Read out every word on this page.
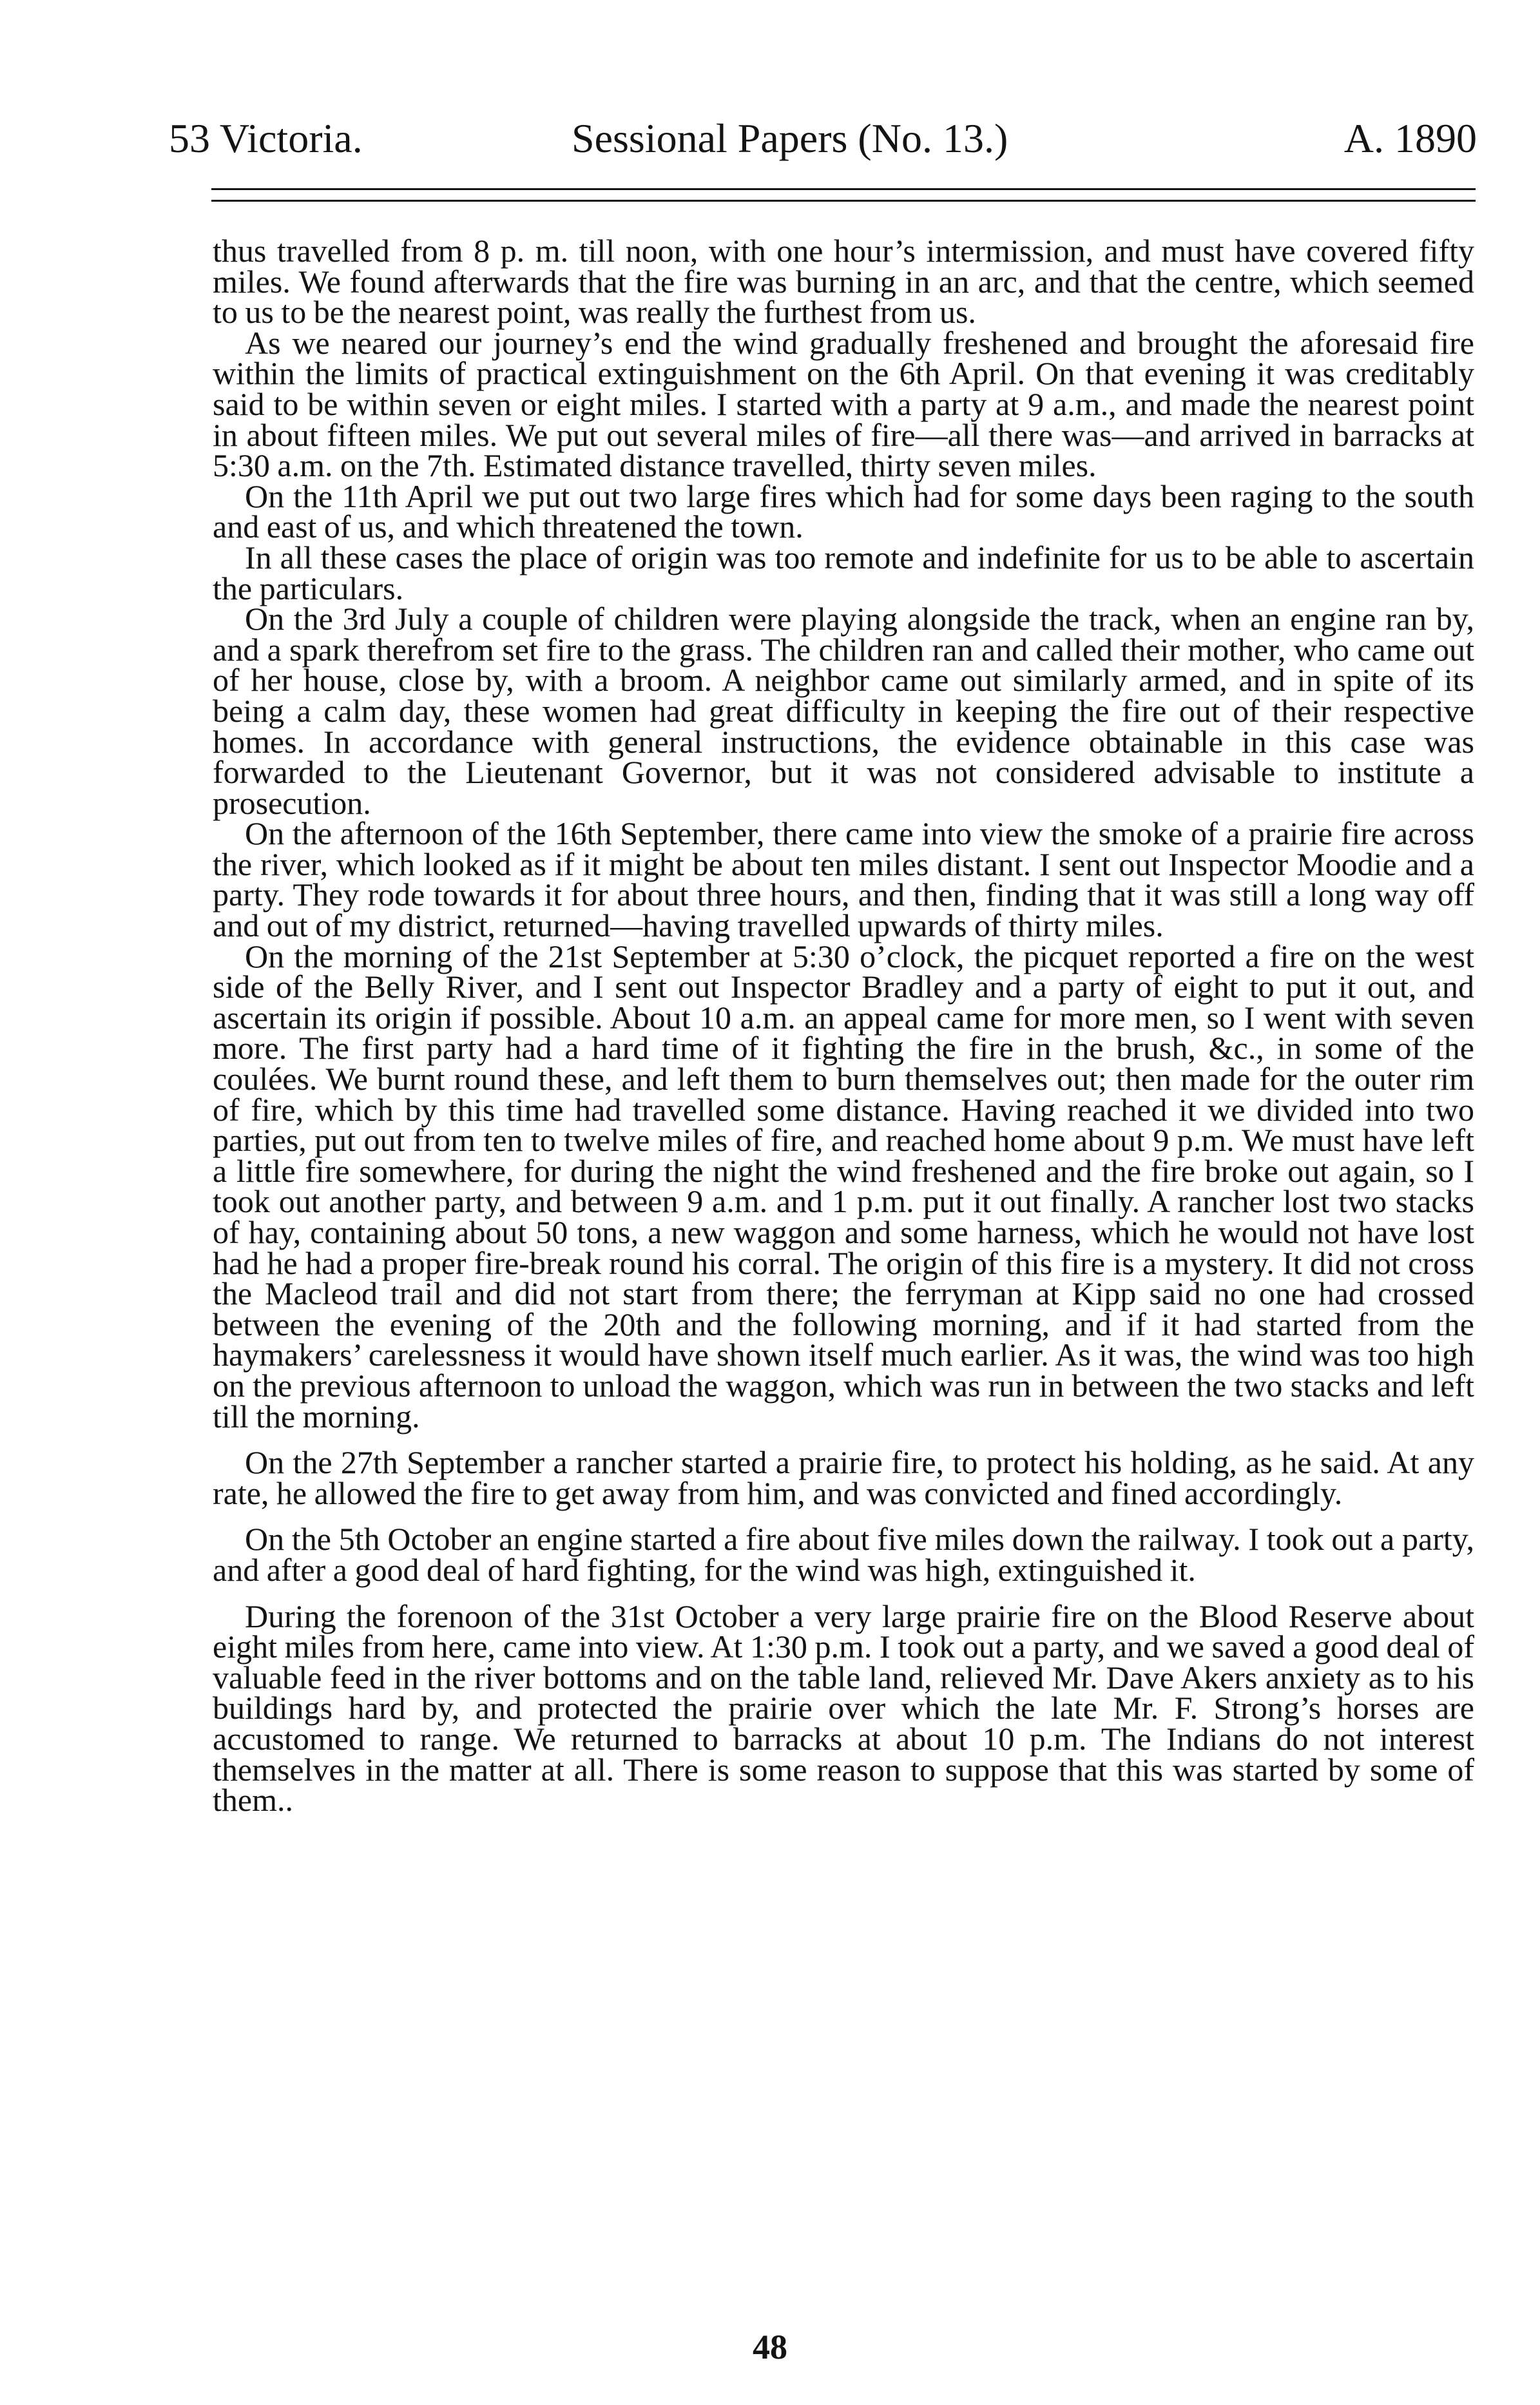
53 Victoria.	Sessional Papers (No. 13.)	A. 1890

thus travelled from 8 p. m. till noon, with one hour’s intermission, and must have covered fifty miles. We found afterwards that the fire was burning in an arc, and that the centre, which seemed to us to be the nearest point, was really the furthest from us.

As we neared our journey’s end the wind gradually freshened and brought the aforesaid fire within the limits of practical extinguishment on the 6th April. On that evening it was creditably said to be within seven or eight miles. I started with a party at 9 a.m., and made the nearest point in about fifteen miles. We put out several miles of fire—all there was—and arrived in barracks at 5:30 a.m. on the 7th. Estimated distance travelled, thirty seven miles.

On the 11th April we put out two large fires which had for some days been raging to the south and east of us, and which threatened the town.

In all these cases the place of origin was too remote and indefinite for us to be able to ascertain the particulars.

On the 3rd July a couple of children were playing alongside the track, when an engine ran by, and a spark therefrom set fire to the grass. The children ran and called their mother, who came out of her house, close by, with a broom. A neighbor came out similarly armed, and in spite of its being a calm day, these women had great difficulty in keeping the fire out of their respective homes. In accordance with general instructions, the evidence obtainable in this case was forwarded to the Lieutenant Governor, but it was not considered advisable to institute a prosecution.

On the afternoon of the 16th September, there came into view the smoke of a prairie fire across the river, which looked as if it might be about ten miles distant. I sent out Inspector Moodie and a party. They rode towards it for about three hours, and then, finding that it was still a long way off and out of my district, returned—having travelled upwards of thirty miles.

On the morning of the 21st September at 5:30 o’clock, the picquet reported a fire on the west side of the Belly River, and I sent out Inspector Bradley and a party of eight to put it out, and ascertain its origin if possible. About 10 a.m. an appeal came for more men, so I went with seven more. The first party had a hard time of it fighting the fire in the brush, &c., in some of the coulées. We burnt round these, and left them to burn themselves out; then made for the outer rim of fire, which by this time had travelled some distance. Having reached it we divided into two parties, put out from ten to twelve miles of fire, and reached home about 9 p.m. We must have left a little fire somewhere, for during the night the wind freshened and the fire broke out again, so I took out another party, and between 9 a.m. and 1 p.m. put it out finally. A rancher lost two stacks of hay, containing about 50 tons, a new waggon and some harness, which he would not have lost had he had a proper fire-break round his corral. The origin of this fire is a mystery. It did not cross the Macleod trail and did not start from there; the ferryman at Kipp said no one had crossed between the evening of the 20th and the following morning, and if it had started from the haymakers’ carelessness it would have shown itself much earlier. As it was, the wind was too high on the previous afternoon to unload the waggon, which was run in between the two stacks and left till the morning.

On the 27th September a rancher started a prairie fire, to protect his holding, as he said. At any rate, he allowed the fire to get away from him, and was convicted and fined accordingly.

On the 5th October an engine started a fire about five miles down the railway. I took out a party, and after a good deal of hard fighting, for the wind was high, extinguished it.

During the forenoon of the 31st October a very large prairie fire on the Blood Reserve about eight miles from here, came into view. At 1:30 p.m. I took out a party, and we saved a good deal of valuable feed in the river bottoms and on the table land, relieved Mr. Dave Akers anxiety as to his buildings hard by, and protected the prairie over which the late Mr. F. Strong’s horses are accustomed to range. We returned to barracks at about 10 p.m. The Indians do not interest themselves in the matter at all. There is some reason to suppose that this was started by some of them..

48
